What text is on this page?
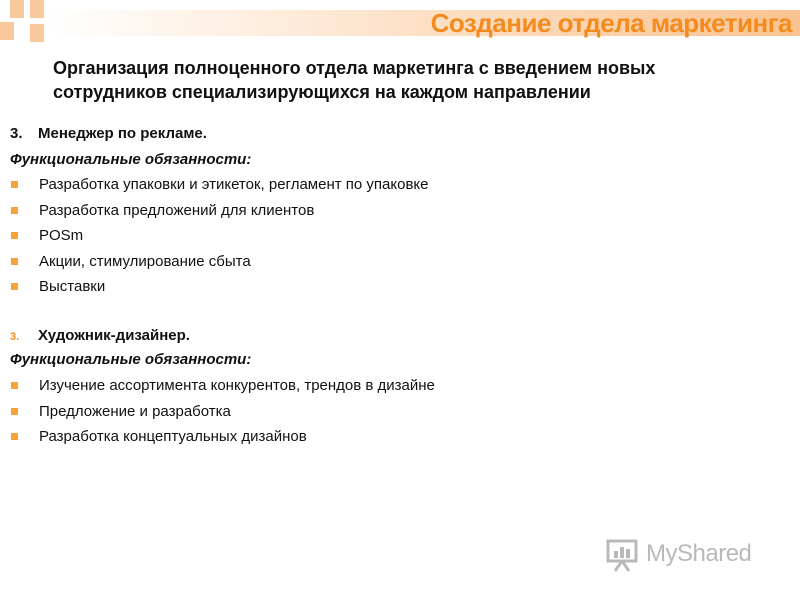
Создание отдела маркетинга
Организация полноценного отдела маркетинга с введением новых сотрудников специализирующихся на каждом направлении
3. Менеджер по рекламе.
Функциональные обязанности:
Разработка упаковки и этикеток, регламент по упаковке
Разработка предложений для клиентов
POSm
Акции, стимулирование сбыта
Выставки
3. Художник-дизайнер.
Функциональные обязанности:
Изучение ассортимента конкурентов, трендов в дизайне
Предложение и разработка
Разработка концептуальных дизайнов
MyShared
